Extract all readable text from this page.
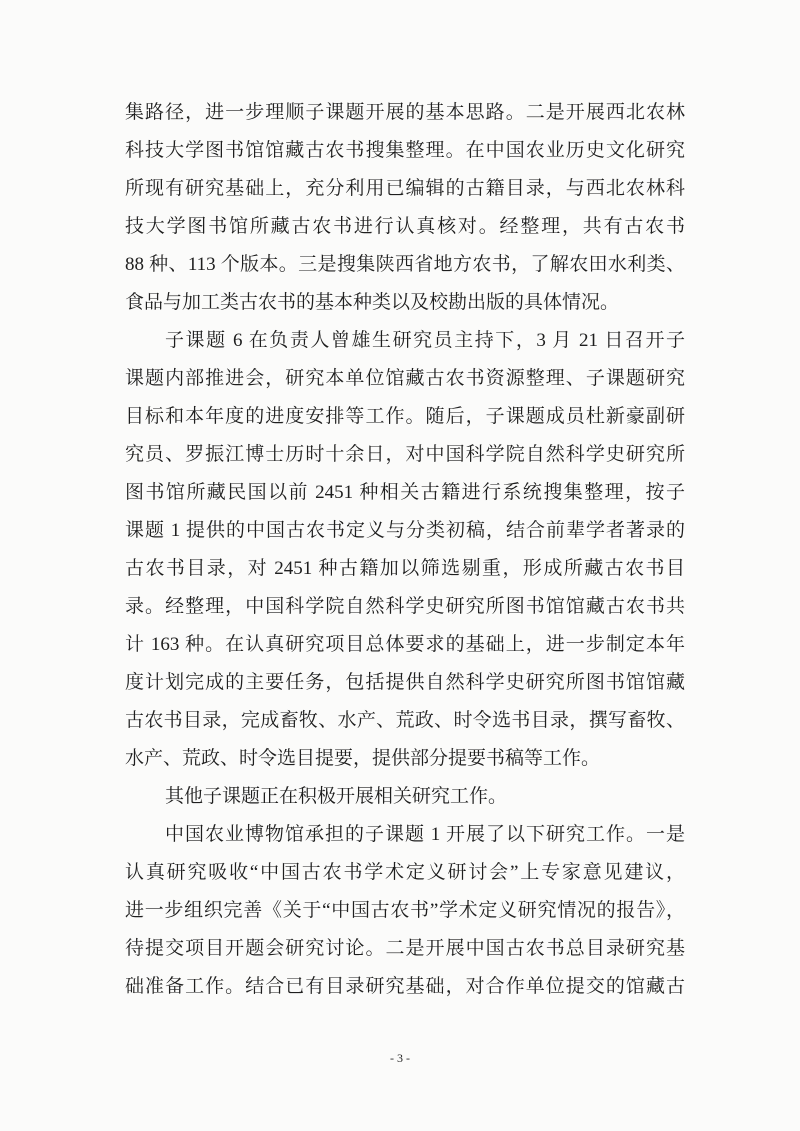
集路径，进一步理顺子课题开展的基本思路。二是开展西北农林
科技大学图书馆馆藏古农书搜集整理。在中国农业历史文化研究
所现有研究基础上，充分利用已编辑的古籍目录，与西北农林科
技大学图书馆所藏古农书进行认真核对。经整理，共有古农书
88 种、113 个版本。三是搜集陕西省地方农书，了解农田水利类、
食品与加工类古农书的基本种类以及校勘出版的具体情况。
子课题 6 在负责人曾雄生研究员主持下，3 月 21 日召开子
课题内部推进会，研究本单位馆藏古农书资源整理、子课题研究
目标和本年度的进度安排等工作。随后，子课题成员杜新豪副研
究员、罗振江博士历时十余日，对中国科学院自然科学史研究所
图书馆所藏民国以前 2451 种相关古籍进行系统搜集整理，按子
课题 1 提供的中国古农书定义与分类初稿，结合前辈学者著录的
古农书目录，对 2451 种古籍加以筛选剔重，形成所藏古农书目
录。经整理，中国科学院自然科学史研究所图书馆馆藏古农书共
计 163 种。在认真研究项目总体要求的基础上，进一步制定本年
度计划完成的主要任务，包括提供自然科学史研究所图书馆馆藏
古农书目录，完成畜牧、水产、荒政、时令选书目录，撰写畜牧、
水产、荒政、时令选目提要，提供部分提要书稿等工作。
其他子课题正在积极开展相关研究工作。
中国农业博物馆承担的子课题 1 开展了以下研究工作。一是
认真研究吸收“中国古农书学术定义研讨会”上专家意见建议，
进一步组织完善《关于“中国古农书”学术定义研究情况的报告》，
待提交项目开题会研究讨论。二是开展中国古农书总目录研究基
础准备工作。结合已有目录研究基础，对合作单位提交的馆藏古
- 3 -
